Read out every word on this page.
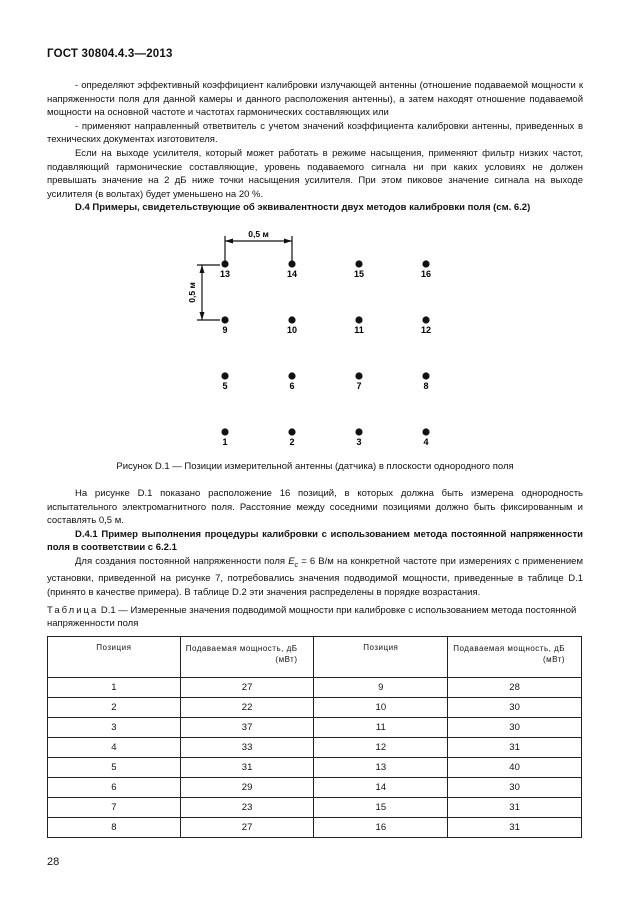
ГОСТ 30804.4.3—2013

- определяют эффективный коэффициент калибровки излучающей антенны (отношение подаваемой мощности к напряженности поля для данной камеры и данного расположения антенны), а затем находят отношение подаваемой мощности на основной частоте и частотах гармонических составляющих или

- применяют направленный ответвитель с учетом значений коэффициента калибровки антенны, приведенных в технических документах изготовителя.

Если на выходе усилителя, который может работать в режиме насыщения, применяют фильтр низких частот, подавляющий гармонические составляющие, уровень подаваемого сигнала ни при каких условиях не должен превышать значение на 2 дБ ниже точки насыщения усилителя. При этом пиковое значение сигнала на выходе усилителя (в вольтах) будет уменьшено на 20 %.

D.4 Примеры, свидетельствующие об эквивалентности двух методов калибровки поля (см. 6.2)

0,5 м
0,5 м
13	14	15	16
9	10	11	12
5	6	7	8
1	2	3	4
Рисунок D.1 — Позиции измерительной антенны (датчика) в плоскости однородного поля

На рисунке D.1 показано расположение 16 позиций, в которых должна быть измерена однородность испытательного электромагнитного поля. Расстояние между соседними позициями должно быть фиксированным и составлять 0,5 м.

D.4.1 Пример выполнения процедуры калибровки с использованием метода постоянной напряженности поля в соответствии с 6.2.1

Для создания постоянной напряженности поля $E_c = 6$ В/м на конкретной частоте при измерениях с применением установки, приведенной на рисунке 7, потребовались значения подводимой мощности, приведенные в таблице D.1 (принято в качестве примера). В таблице D.2 эти значения распределены в порядке возрастания.

Таблица D.1 — Измеренные значения подводимой мощности при калибровке с использованием метода постоянной напряженности поля
Позиция	Подаваемая мощность, дБ (мВт)	Позиция	Подаваемая мощность, дБ (мВт)
1	27	9	28
2	22	10	30
3	37	11	30
4	33	12	31
5	31	13	40
6	29	14	30
7	23	15	31
8	27	16	31
28
